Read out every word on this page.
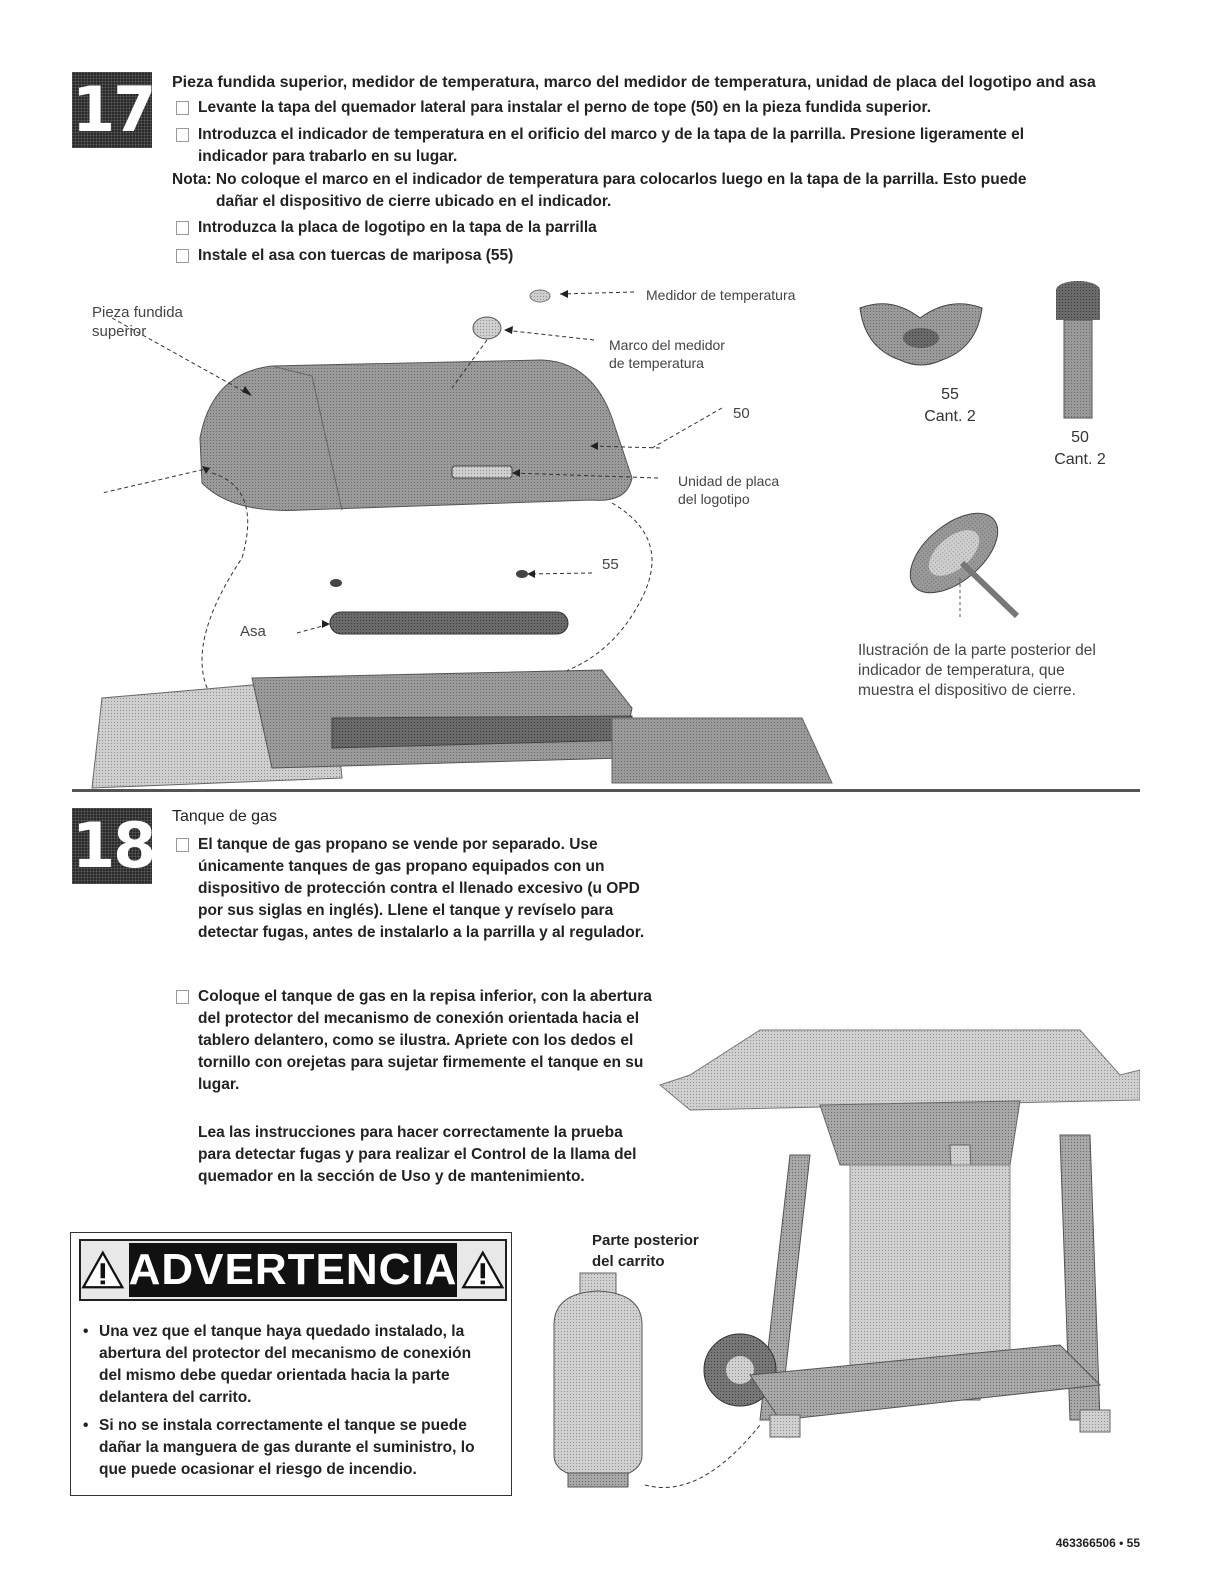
17 Pieza fundida superior, medidor de temperatura, marco del medidor de temperatura, unidad de placa del logotipo and asa
Levante la tapa del quemador lateral para instalar el perno de tope (50) en la pieza fundida superior.
Introduzca el indicador de temperatura en el orificio del marco y de la tapa de la parrilla. Presione ligeramente el
indicador para trabarlo en su lugar.
Nota: No coloque el marco en el indicador de temperatura para colocarlos luego en la tapa de la parrilla. Esto puede
dañar el dispositivo de cierre ubicado en el indicador.
Introduzca la placa de logotipo en la tapa de la parrilla
Instale el asa con tuercas de mariposa (55)
Pieza fundida
superior
Medidor de temperatura
Marco del medidor
de temperatura
50
Unidad de placa
del logotipo
55
Asa
55
Cant. 2
50
Cant. 2
Ilustración de la parte posterior del
indicador de temperatura, que
muestra el dispositivo de cierre.
18 Tanque de gas
El tanque de gas propano se vende por separado. Use
únicamente tanques de gas propano equipados con un
dispositivo de protección contra el llenado excesivo (u OPD
por sus siglas en inglés). Llene el tanque y revíselo para
detectar fugas, antes de instalarlo a la parrilla y al regulador.
Coloque el tanque de gas en la repisa inferior, con la abertura
del protector del mecanismo de conexión orientada hacia el
tablero delantero, como se ilustra. Apriete con los dedos el
tornillo con orejetas para sujetar firmemente el tanque en su
lugar.
Lea las instrucciones para hacer correctamente la prueba
para detectar fugas y para realizar el Control de la llama del
quemador en la sección de Uso y de mantenimiento.
Parte posterior
del carrito
ADVERTENCIA
• Una vez que el tanque haya quedado instalado, la
abertura del protector del mecanismo de conexión
del mismo debe quedar orientada hacia la parte
delantera del carrito.
• Si no se instala correctamente el tanque se puede
dañar la manguera de gas durante el suministro, lo
que puede ocasionar el riesgo de incendio.
463366506 • 55
